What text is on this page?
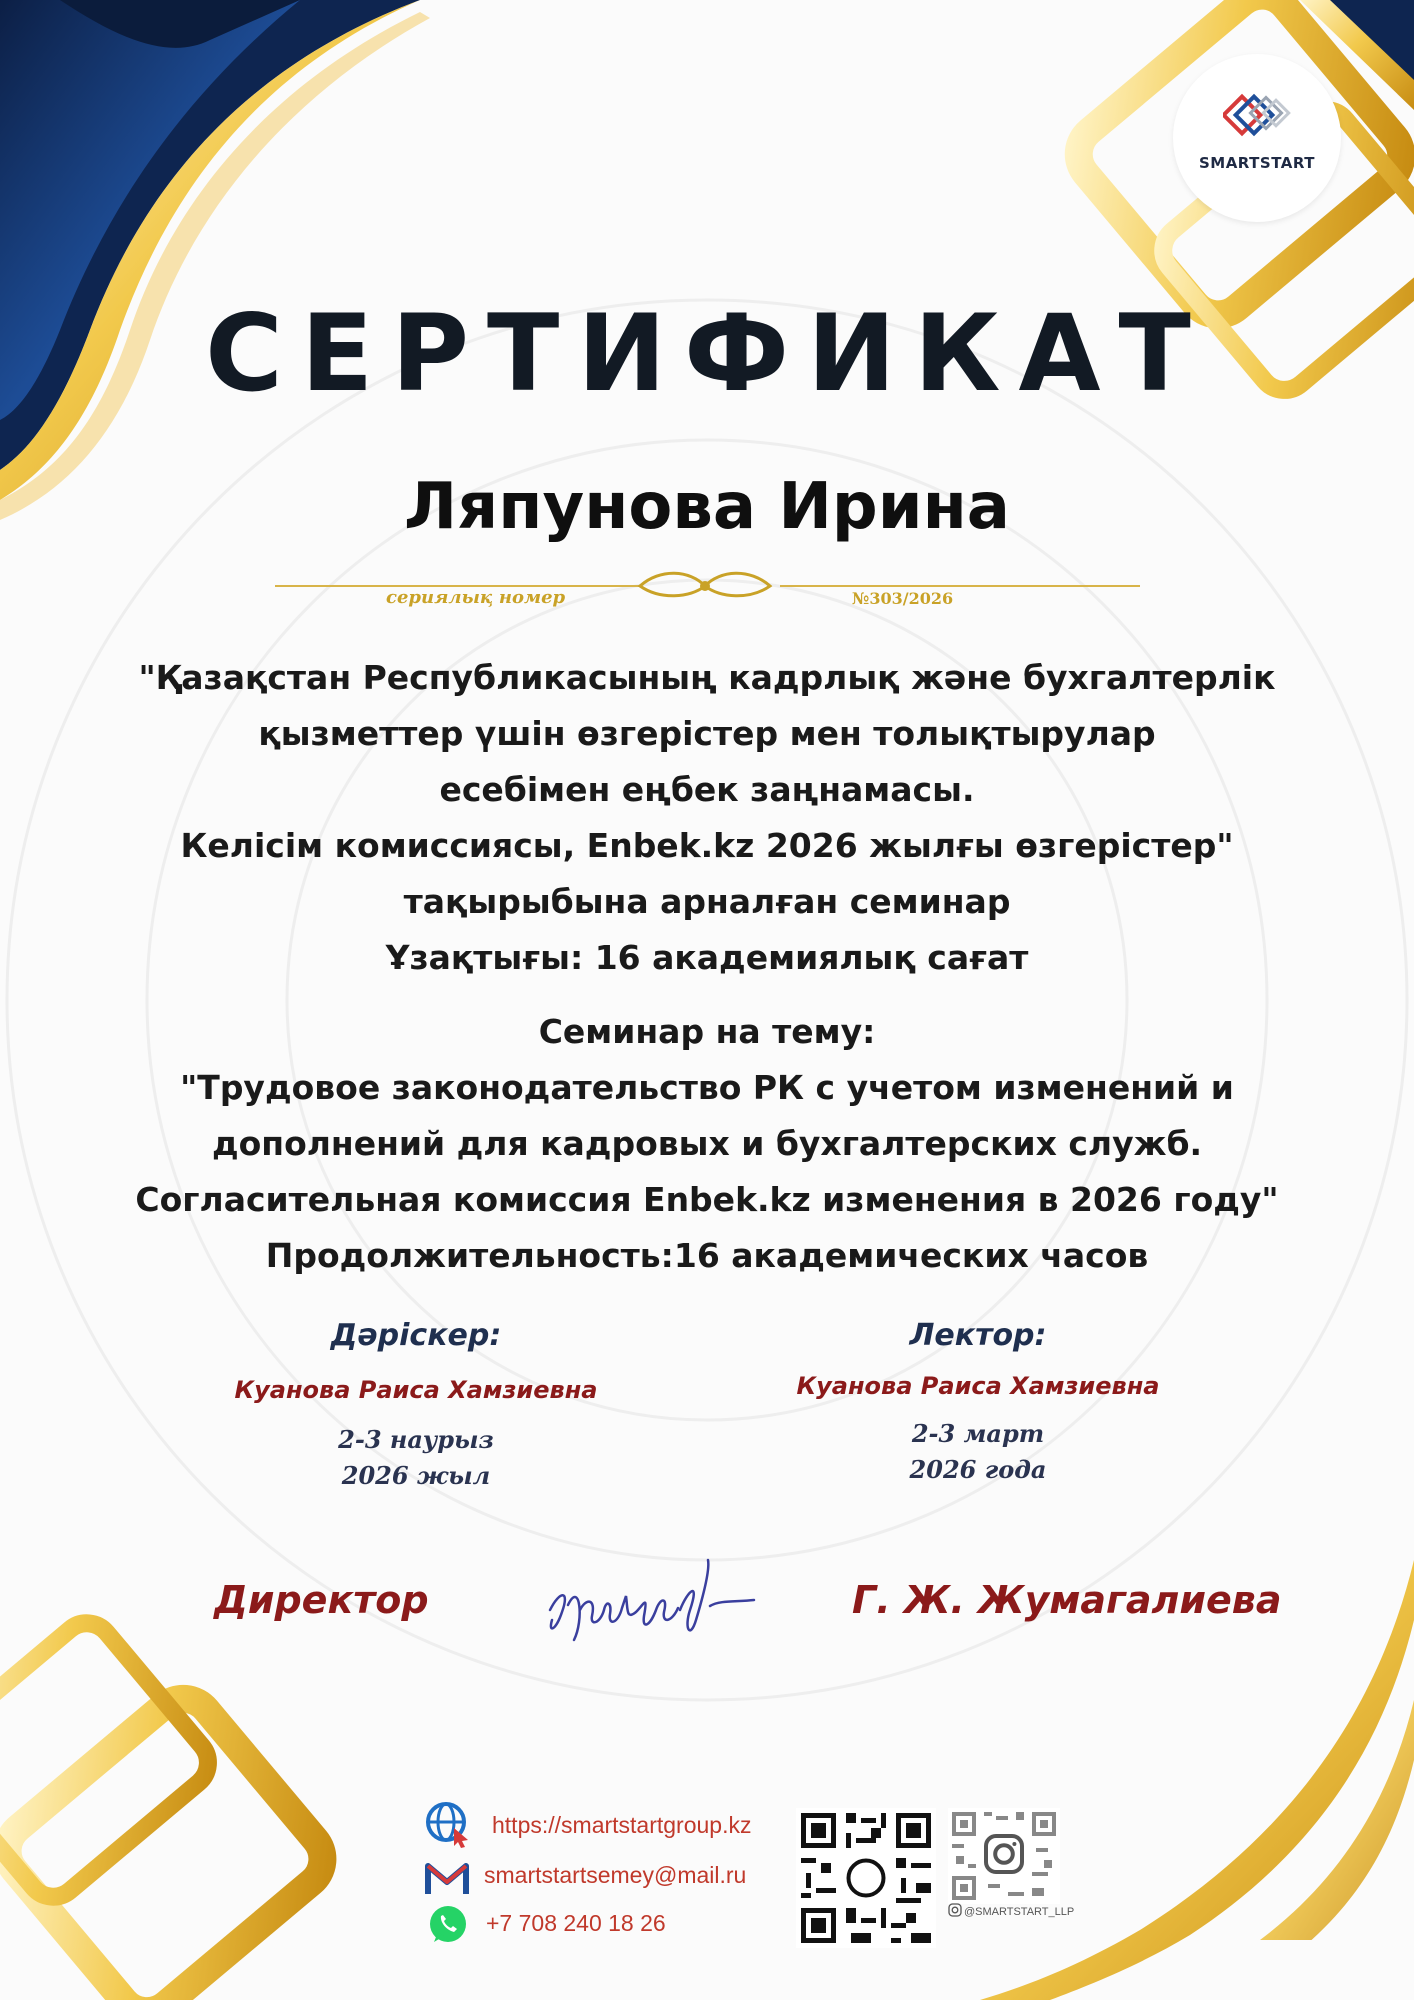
SMARTSTART
СЕРТИФИКАТ
Ляпунова Ирина
сериялық номер	№303/2026
"Қазақстан Республикасының кадрлық және бухгалтерлік
қызметтер үшін өзгерістер мен толықтырулар
есебімен еңбек заңнамасы.
Келісім комиссиясы, Enbek.kz 2026 жылғы өзгерістер"
тақырыбына арналған семинар
Ұзақтығы: 16 академиялық сағат
Семинар на тему:
"Трудовое законодательство РК с учетом изменений и
дополнений для кадровых и бухгалтерских служб.
Согласительная комиссия Enbek.kz изменения в 2026 году"
Продолжительность:16 академических часов
Дәрiскер:
Куанова Раиса Хамзиевна
2-3 наурыз
2026 жыл
Лектор:
Куанова Раиса Хамзиевна
2-3 март
2026 года
Директор	Г. Ж. Жумагалиева
https://smartstartgroup.kz
smartstartsemey@mail.ru
+7 708 240 18 26	@SMARTSTART_LLP
